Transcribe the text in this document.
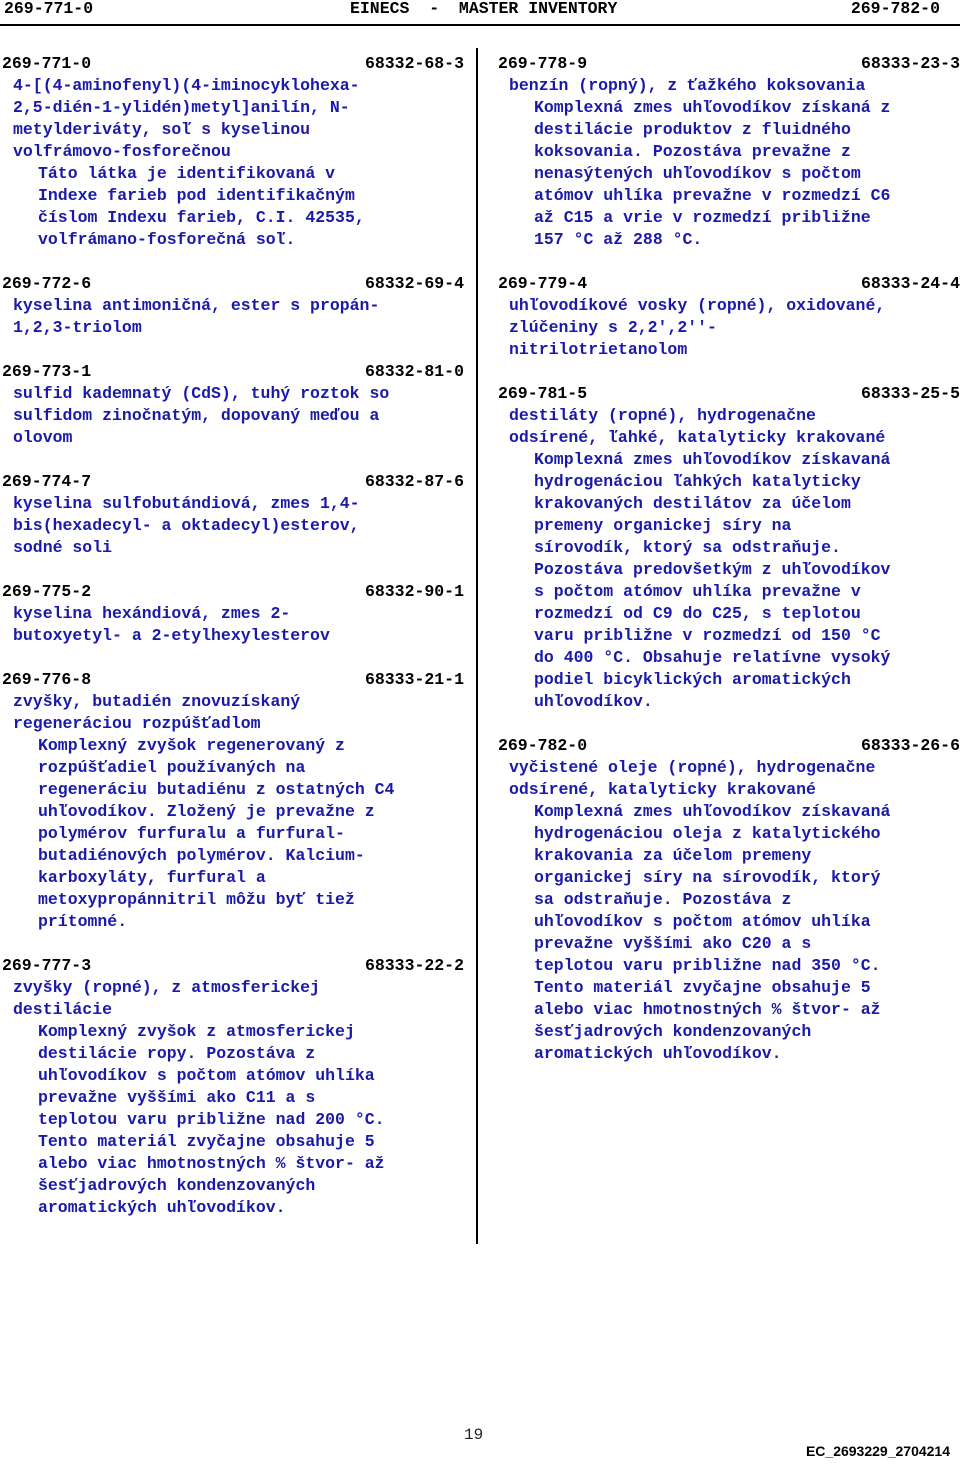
269-771-0	EINECS  -  MASTER INVENTORY	269-782-0
269-771-0	68332-68-3
4-[(4-aminofenyl)(4-iminocyklohexa-
2,5-dién-1-ylidén)metyl]anilín, N-
metylderiváty, soľ s kyselinou
volfrámovo-fosforečnou
Táto látka je identifikovaná v
Indexe farieb pod identifikačným
číslom Indexu farieb, C.I. 42535,
volfrámano-fosforečná soľ.
269-772-6	68332-69-4
kyselina antimoničná, ester s propán-
1,2,3-triolom
269-773-1	68332-81-0
sulfid kademnatý (CdS), tuhý roztok so
sulfidom zinočnatým, dopovaný meďou a
olovom
269-774-7	68332-87-6
kyselina sulfobutándiová, zmes 1,4-
bis(hexadecyl- a oktadecyl)esterov,
sodné soli
269-775-2	68332-90-1
kyselina hexándiová, zmes 2-
butoxyetyl- a 2-etylhexylesterov
269-776-8	68333-21-1
zvyšky, butadién znovuzískaný
regeneráciou rozpúšťadlom
Komplexný zvyšok regenerovaný z
rozpúšťadiel používaných na
regeneráciu butadiénu z ostatných C4
uhľovodíkov. Zložený je prevažne z
polymérov furfuralu a furfural-
butadiénových polymérov. Kalcium-
karboxyláty, furfural a
metoxypropánnitril môžu byť tiež
prítomné.
269-777-3	68333-22-2
zvyšky (ropné), z atmosferickej
destilácie
Komplexný zvyšok z atmosferickej
destilácie ropy. Pozostáva z
uhľovodíkov s počtom atómov uhlíka
prevažne vyššími ako C11 a s
teplotou varu približne nad 200 °C.
Tento materiál zvyčajne obsahuje 5
alebo viac hmotnostných % štvor- až
šesťjadrových kondenzovaných
aromatických uhľovodíkov.
269-778-9	68333-23-3
benzín (ropný), z ťažkého koksovania
Komplexná zmes uhľovodíkov získaná z
destilácie produktov z fluidného
koksovania. Pozostáva prevažne z
nenasýtených uhľovodíkov s počtom
atómov uhlíka prevažne v rozmedzí C6
až C15 a vrie v rozmedzí približne
157 °C až 288 °C.
269-779-4	68333-24-4
uhľovodíkové vosky (ropné), oxidované,
zlúčeniny s 2,2',2''-
nitrilotrietanolom
269-781-5	68333-25-5
destiláty (ropné), hydrogenačne
odsírené, ľahké, katalyticky krakované
Komplexná zmes uhľovodíkov získavaná
hydrogenáciou ľahkých katalyticky
krakovaných destilátov za účelom
premeny organickej síry na
sírovodík, ktorý sa odstraňuje.
Pozostáva predovšetkým z uhľovodíkov
s počtom atómov uhlíka prevažne v
rozmedzí od C9 do C25, s teplotou
varu približne v rozmedzí od 150 °C
do 400 °C. Obsahuje relatívne vysoký
podiel bicyklických aromatických
uhľovodíkov.
269-782-0	68333-26-6
vyčistené oleje (ropné), hydrogenačne
odsírené, katalyticky krakované
Komplexná zmes uhľovodíkov získavaná
hydrogenáciou oleja z katalytického
krakovania za účelom premeny
organickej síry na sírovodík, ktorý
sa odstraňuje. Pozostáva z
uhľovodíkov s počtom atómov uhlíka
prevažne vyššími ako C20 a s
teplotou varu približne nad 350 °C.
Tento materiál zvyčajne obsahuje 5
alebo viac hmotnostných % štvor- až
šesťjadrových kondenzovaných
aromatických uhľovodíkov.
19
EC_2693229_2704214
